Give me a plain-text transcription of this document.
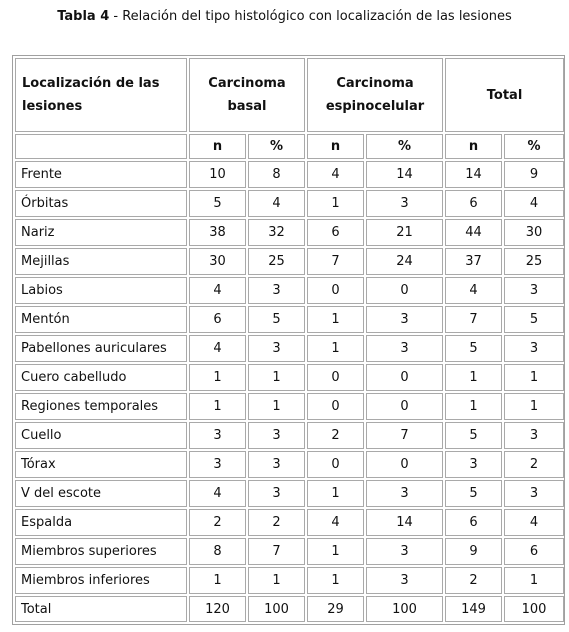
Tabla 4 - Relación del tipo histológico con localización de las lesiones
Localización de las lesiones	Carcinoma basal		Carcinoma espinocelular		Total	
	n	%	n	%	n	%
Frente	10	8	4	14	14	9
Órbitas	5	4	1	3	6	4
Nariz	38	32	6	21	44	30
Mejillas	30	25	7	24	37	25
Labios	4	3	0	0	4	3
Mentón	6	5	1	3	7	5
Pabellones auriculares	4	3	1	3	5	3
Cuero cabelludo	1	1	0	0	1	1
Regiones temporales	1	1	0	0	1	1
Cuello	3	3	2	7	5	3
Tórax	3	3	0	0	3	2
V del escote	4	3	1	3	5	3
Espalda	2	2	4	14	6	4
Miembros superiores	8	7	1	3	9	6
Miembros inferiores	1	1	1	3	2	1
Total	120	100	29	100	149	100
